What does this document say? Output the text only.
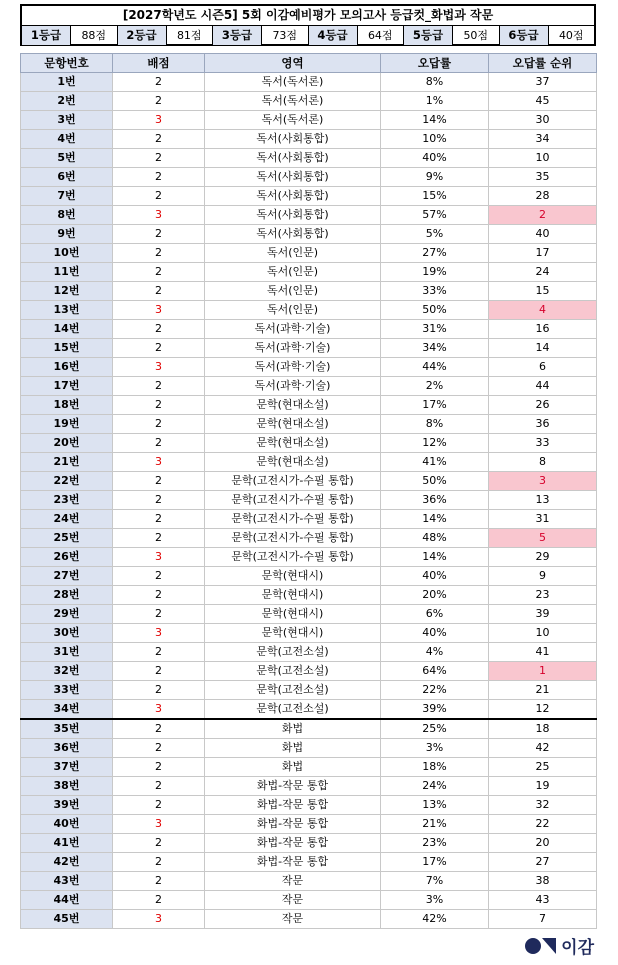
[2027학년도 시즌5] 5회 이감예비평가 모의고사 등급컷_화법과 작문
1등급	88점	2등급	81점	3등급	73점	4등급	64점	5등급	50점	6등급	40점
문항번호	배점	영역	오답률	오답률 순위
1번	2	독서(독서론)	8%	37
2번	2	독서(독서론)	1%	45
3번	3	독서(독서론)	14%	30
4번	2	독서(사회통합)	10%	34
5번	2	독서(사회통합)	40%	10
6번	2	독서(사회통합)	9%	35
7번	2	독서(사회통합)	15%	28
8번	3	독서(사회통합)	57%	2
9번	2	독서(사회통합)	5%	40
10번	2	독서(인문)	27%	17
11번	2	독서(인문)	19%	24
12번	2	독서(인문)	33%	15
13번	3	독서(인문)	50%	4
14번	2	독서(과학·기술)	31%	16
15번	2	독서(과학·기술)	34%	14
16번	3	독서(과학·기술)	44%	6
17번	2	독서(과학·기술)	2%	44
18번	2	문학(현대소설)	17%	26
19번	2	문학(현대소설)	8%	36
20번	2	문학(현대소설)	12%	33
21번	3	문학(현대소설)	41%	8
22번	2	문학(고전시가-수필 통합)	50%	3
23번	2	문학(고전시가-수필 통합)	36%	13
24번	2	문학(고전시가-수필 통합)	14%	31
25번	2	문학(고전시가-수필 통합)	48%	5
26번	3	문학(고전시가-수필 통합)	14%	29
27번	2	문학(현대시)	40%	9
28번	2	문학(현대시)	20%	23
29번	2	문학(현대시)	6%	39
30번	3	문학(현대시)	40%	10
31번	2	문학(고전소설)	4%	41
32번	2	문학(고전소설)	64%	1
33번	2	문학(고전소설)	22%	21
34번	3	문학(고전소설)	39%	12
35번	2	화법	25%	18
36번	2	화법	3%	42
37번	2	화법	18%	25
38번	2	화법-작문 통합	24%	19
39번	2	화법-작문 통합	13%	32
40번	3	화법-작문 통합	21%	22
41번	2	화법-작문 통합	23%	20
42번	2	화법-작문 통합	17%	27
43번	2	작문	7%	38
44번	2	작문	3%	43
45번	3	작문	42%	7
이감
